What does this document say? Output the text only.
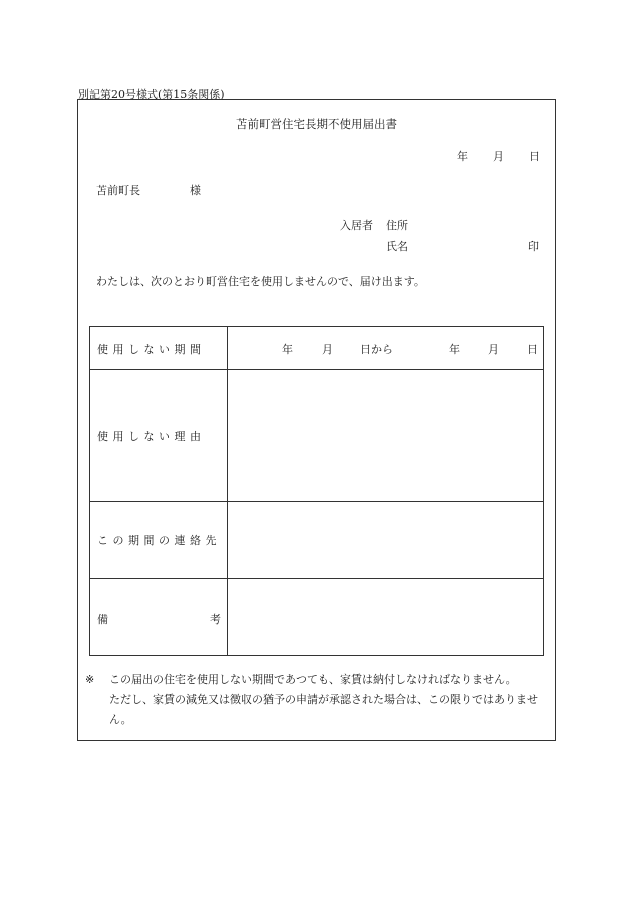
別記第20号様式(第15条関係)
苫前町営住宅長期不使用届出書
年 月 日
苫前町長	様
入居者 住所
氏名	印
わたしは、次のとおり町営住宅を使用しませんので、届け出ます。
使用しない期間	年	月 日から	年	月	日
使用しない理由
この期間の連絡先
備	考
※ この届出の住宅を使用しない期間であつても、家賃は納付しなければなりません。
ただし、家賃の減免又は徴収の猶予の申請が承認された場合は、この限りではありません。
